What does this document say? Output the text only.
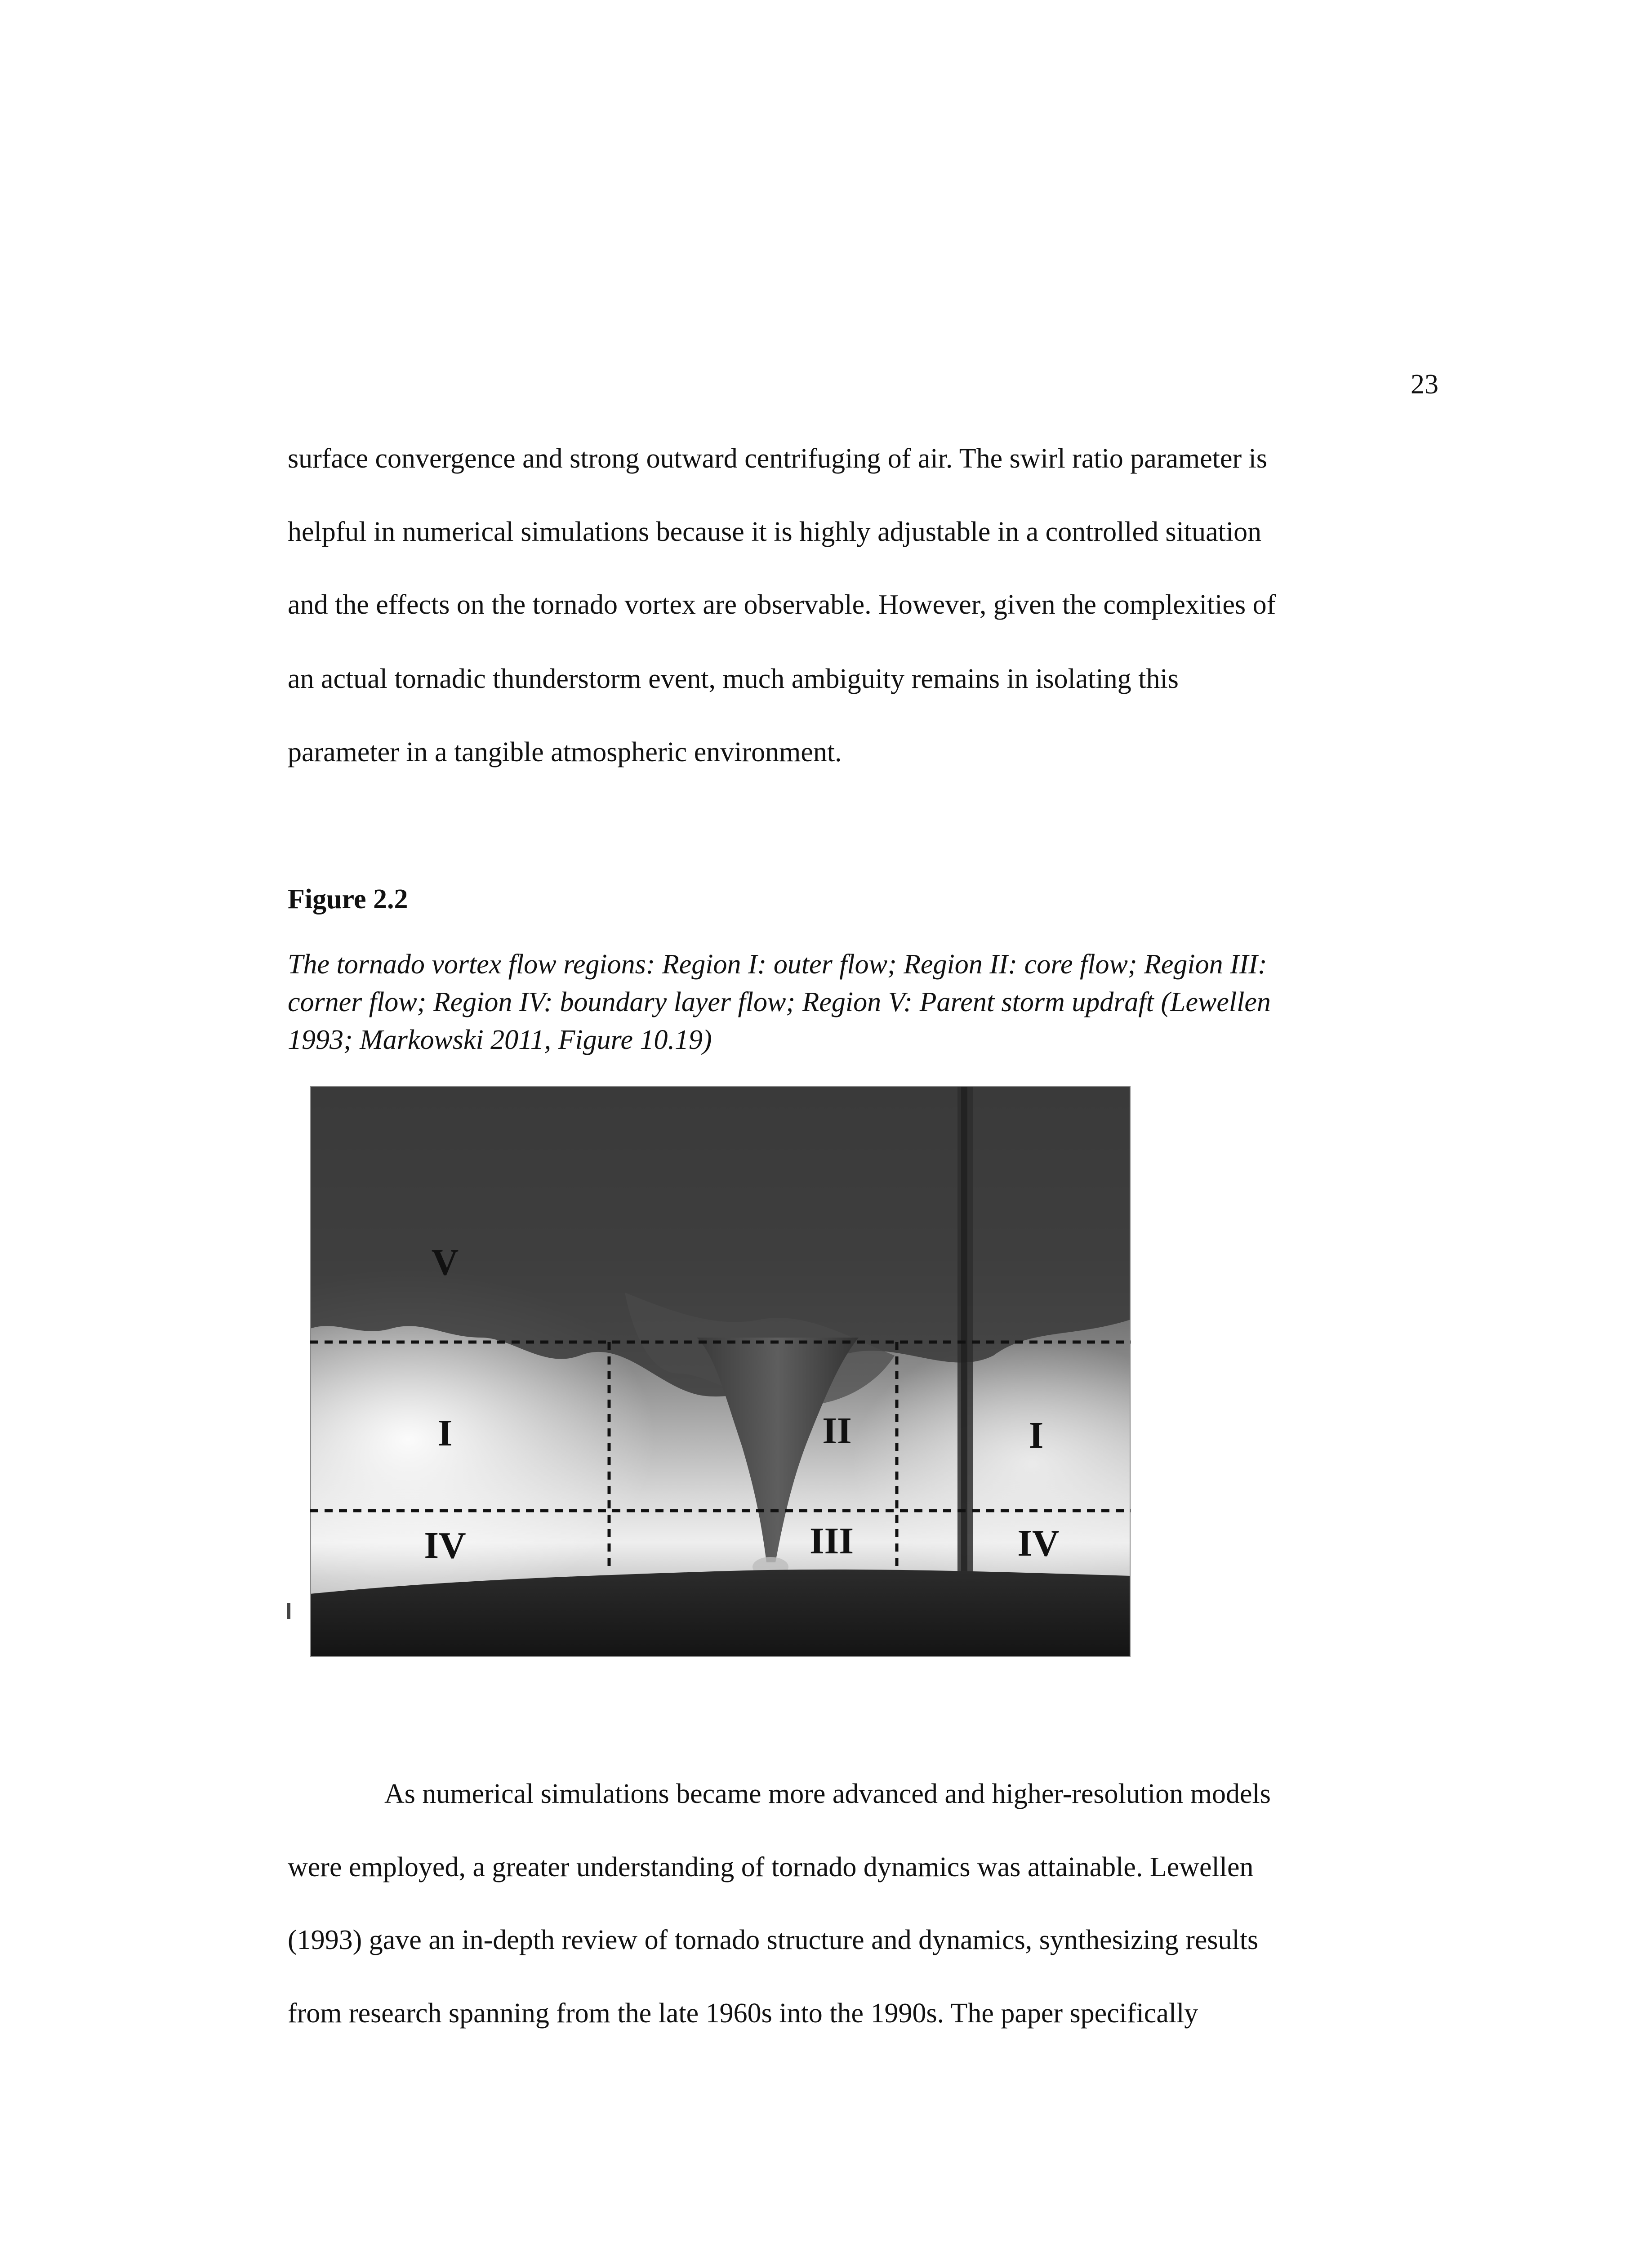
23
surface convergence and strong outward centrifuging of air. The swirl ratio parameter is
helpful in numerical simulations because it is highly adjustable in a controlled situation
and the effects on the tornado vortex are observable. However, given the complexities of
an actual tornadic thunderstorm event, much ambiguity remains in isolating this
parameter in a tangible atmospheric environment.
Figure 2.2
The tornado vortex flow regions: Region I: outer flow; Region II: core flow; Region III:
corner flow; Region IV: boundary layer flow; Region V: Parent storm updraft (Lewellen
1993; Markowski 2011, Figure 10.19)
V
I	II	I
IV	III	IV
As numerical simulations became more advanced and higher-resolution models
were employed, a greater understanding of tornado dynamics was attainable. Lewellen
(1993) gave an in-depth review of tornado structure and dynamics, synthesizing results
from research spanning from the late 1960s into the 1990s. The paper specifically
